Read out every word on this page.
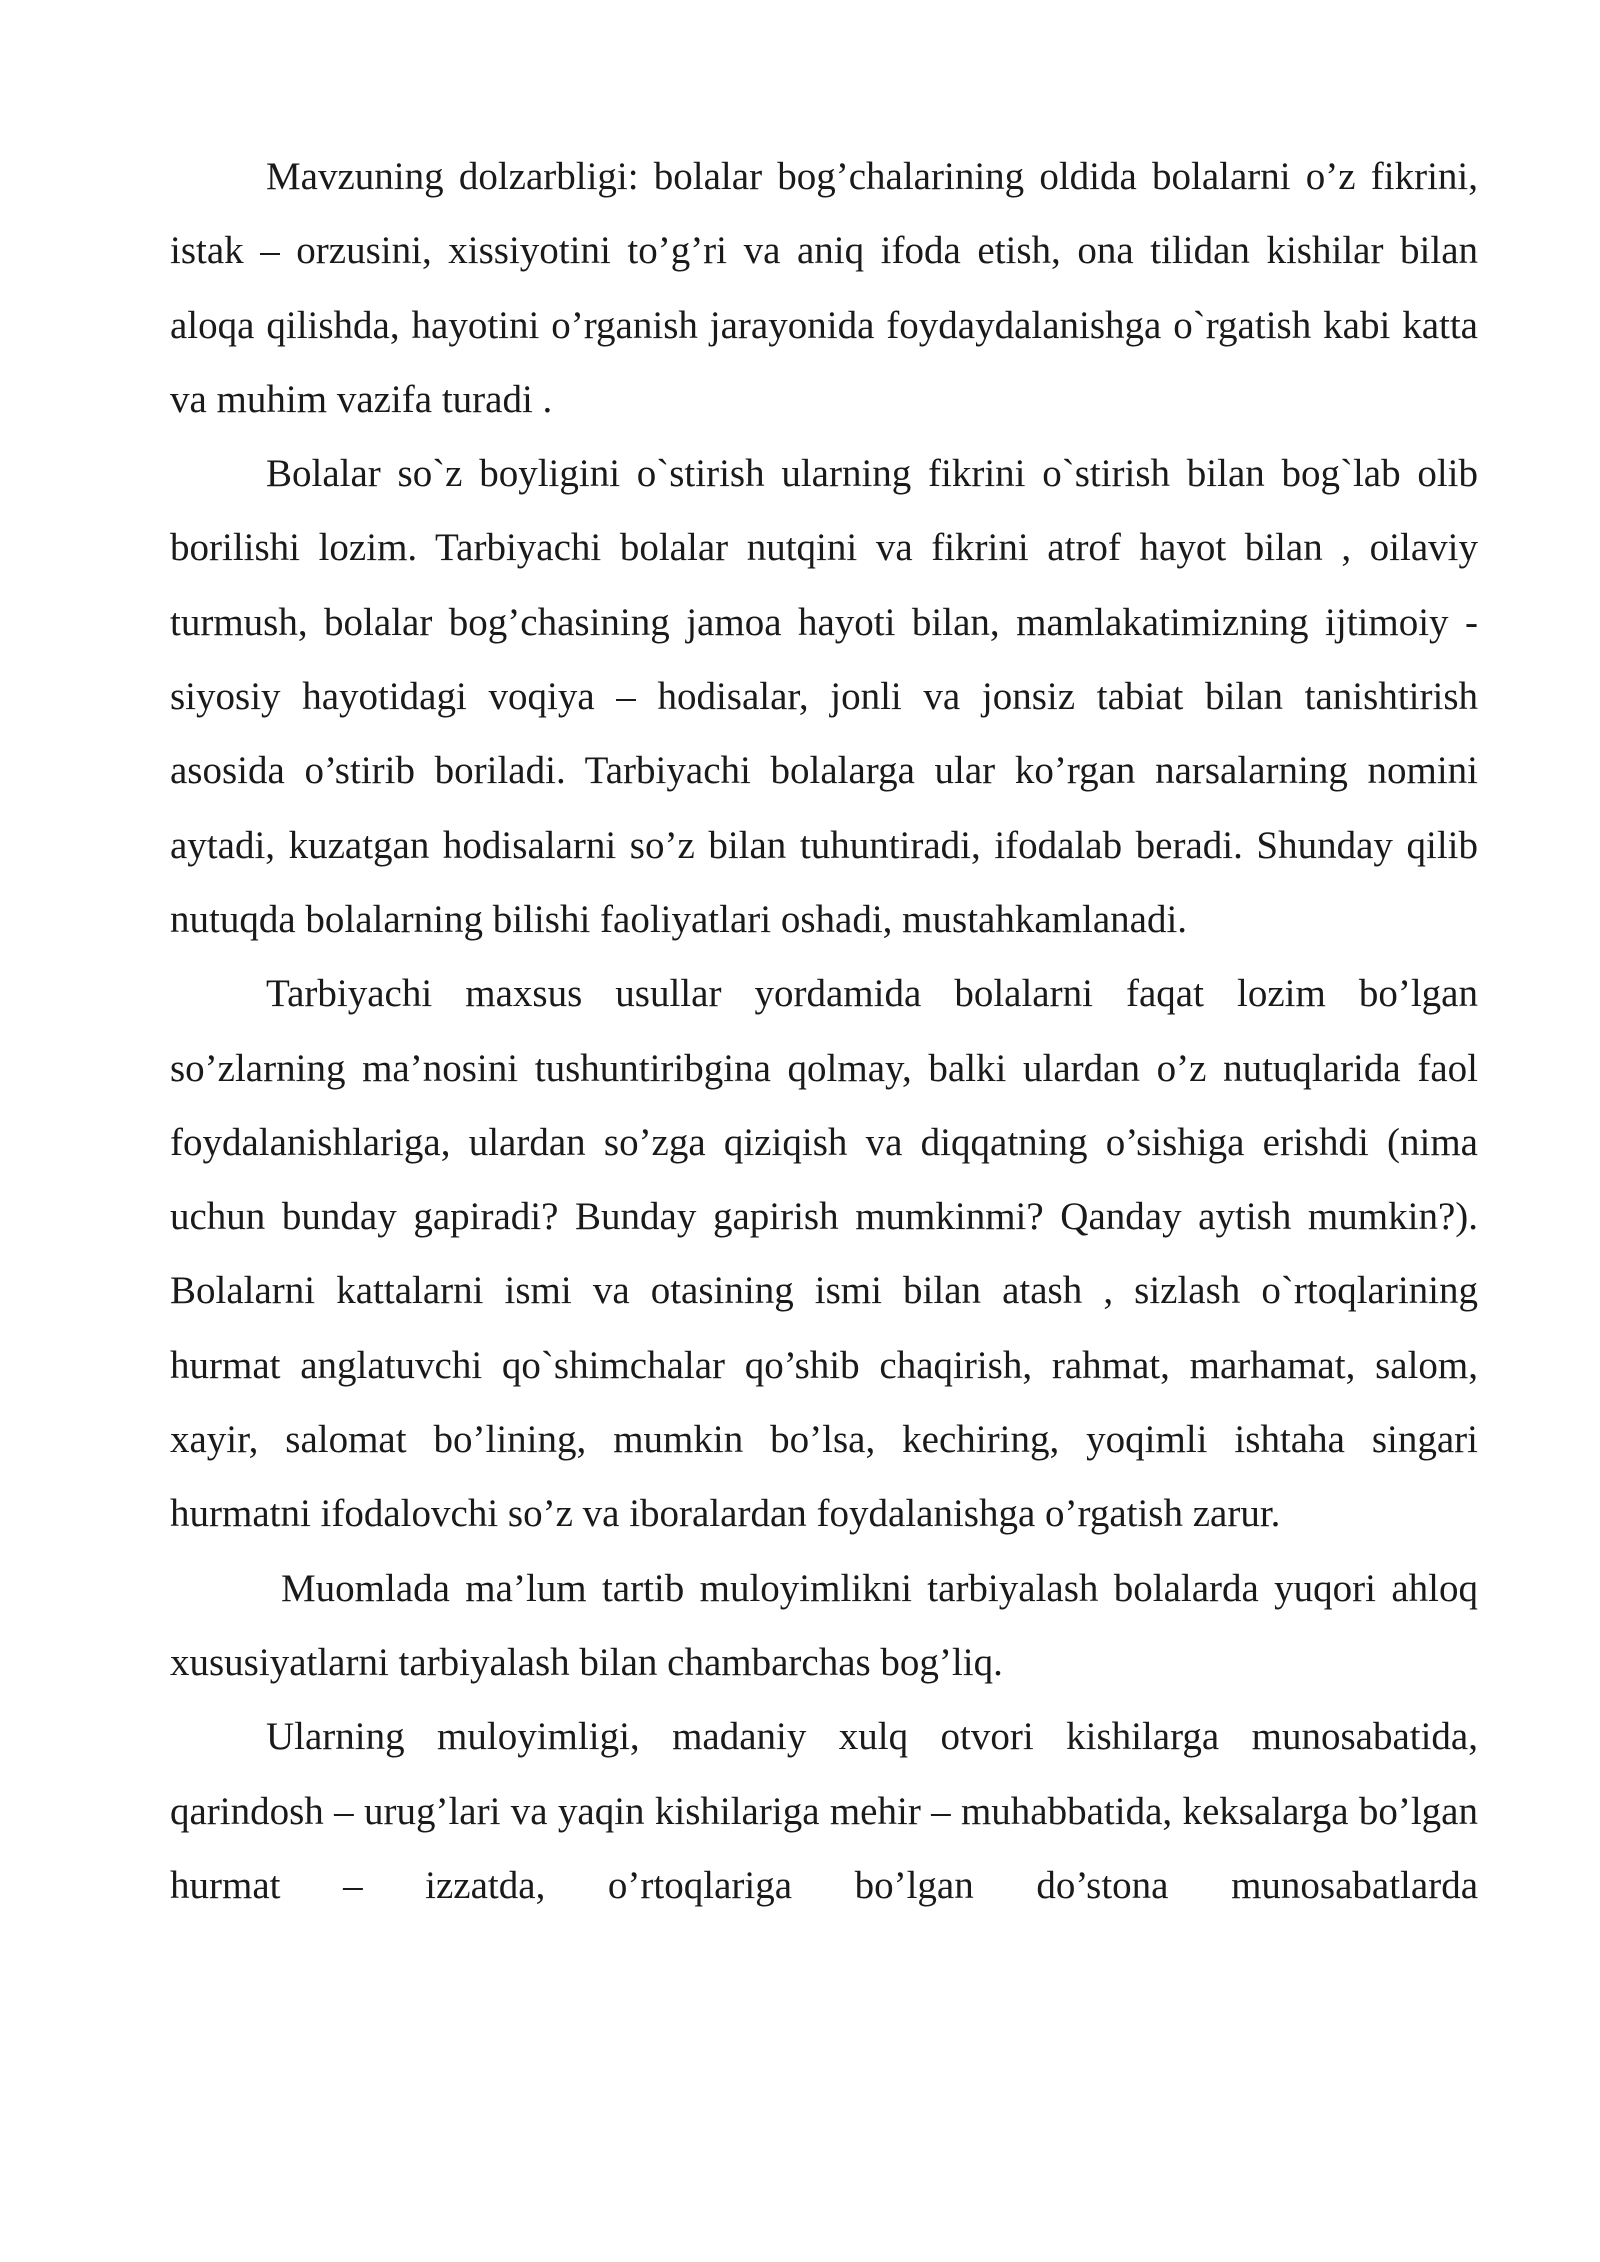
Mavzuning dolzarbligi: bolalar bog’chalarining oldida bolalarni o’z fikrini, istak – orzusini, xissiyotini to’g’ri va aniq ifoda etish, ona tilidan kishilar bilan aloqa qilishda, hayotini o’rganish jarayonida foydaydalanishga o`rgatish kabi katta va muhim vazifa turadi .

Bolalar so`z boyligini o`stirish ularning fikrini o`stirish bilan bog`lab olib borilishi lozim. Tarbiyachi bolalar nutqini va fikrini atrof hayot bilan , oilaviy turmush, bolalar bog’chasining jamoa hayoti bilan, mamlakatimizning ijtimoiy - siyosiy hayotidagi voqiya – hodisalar, jonli va jonsiz tabiat bilan tanishtirish asosida o’stirib boriladi. Tarbiyachi bolalarga ular ko’rgan narsalarning nomini aytadi, kuzatgan hodisalarni so’z bilan tuhuntiradi, ifodalab beradi. Shunday qilib nutuqda bolalarning bilishi faoliyatlari oshadi, mustahkamlanadi.

Tarbiyachi maxsus usullar yordamida bolalarni faqat lozim bo’lgan so’zlarning ma’nosini tushuntiribgina qolmay, balki ulardan o’z nutuqlarida faol foydalanishlariga, ulardan so’zga qiziqish va diqqatning o’sishiga erishdi (nima uchun bunday gapiradi? Bunday gapirish mumkinmi? Qanday aytish mumkin?). Bolalarni kattalarni ismi va otasining ismi bilan atash , sizlash o`rtoqlarining hurmat anglatuvchi qo`shimchalar qo’shib chaqirish, rahmat, marhamat, salom, xayir, salomat bo’lining, mumkin bo’lsa, kechiring, yoqimli ishtaha singari hurmatni ifodalovchi so’z va iboralardan foydalanishga o’rgatish zarur.

Muomlada ma’lum tartib muloyimlikni tarbiyalash bolalarda yuqori ahloq xususiyatlarni tarbiyalash bilan chambarchas bog’liq.

Ularning muloyimligi, madaniy xulq otvori kishilarga munosabatida, qarindosh – urug’lari va yaqin kishilariga mehir – muhabbatida, keksalarga bo’lgan hurmat – izzatda, o’rtoqlariga bo’lgan do’stona munosabatlarda
